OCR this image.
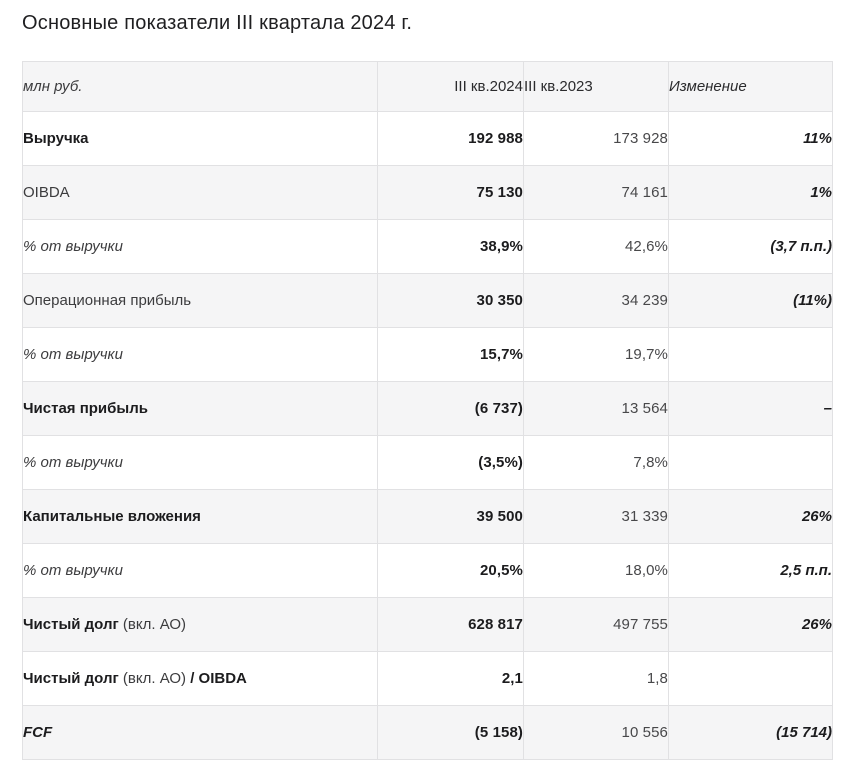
Основные показатели III квартала 2024 г.
млн руб.	III кв.2024	III кв.2023	Изменение
Выручка	192 988	173 928	11%
OIBDA	75 130	74 161	1%
% от выручки	38,9%	42,6%	(3,7 п.п.)
Операционная прибыль	30 350	34 239	(11%)
% от выручки	15,7%	19,7%	
Чистая прибыль	(6 737)	13 564	–
% от выручки	(3,5%)	7,8%	
Капитальные вложения	39 500	31 339	26%
% от выручки	20,5%	18,0%	2,5 п.п.
Чистый долг (вкл. АО)	628 817	497 755	26%
Чистый долг (вкл. АО) / OIBDA	2,1	1,8	
FCF	(5 158)	10 556	(15 714)
